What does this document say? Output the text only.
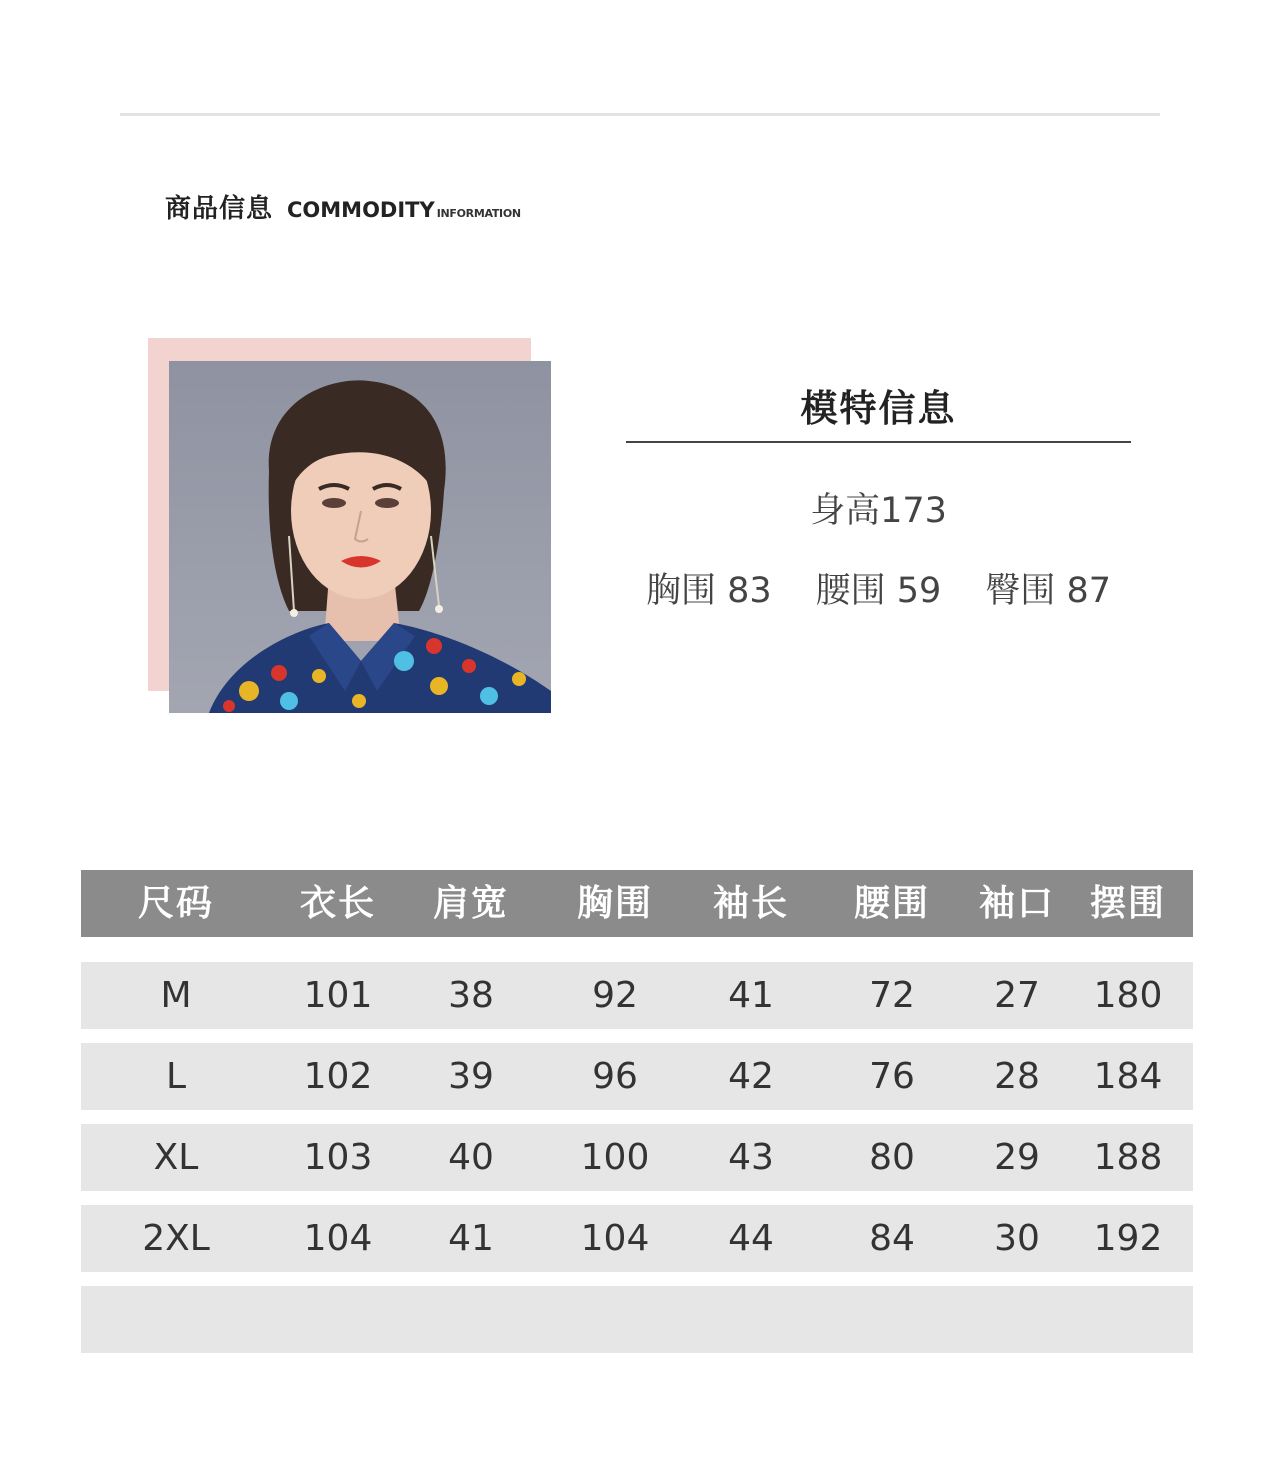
商品信息 COMMODITY INFORMATION
模特信息
身高173
胸围 83 腰围 59 臀围 87
尺码 衣长 肩宽 胸围 袖长 腰围 袖口 摆围
M	101 38	92	41	72 27 180
L	102 39	96	42	76 28 184
XL	103 40 100 43	80 29 188
2XL	104 41 104 44	84 30 192
